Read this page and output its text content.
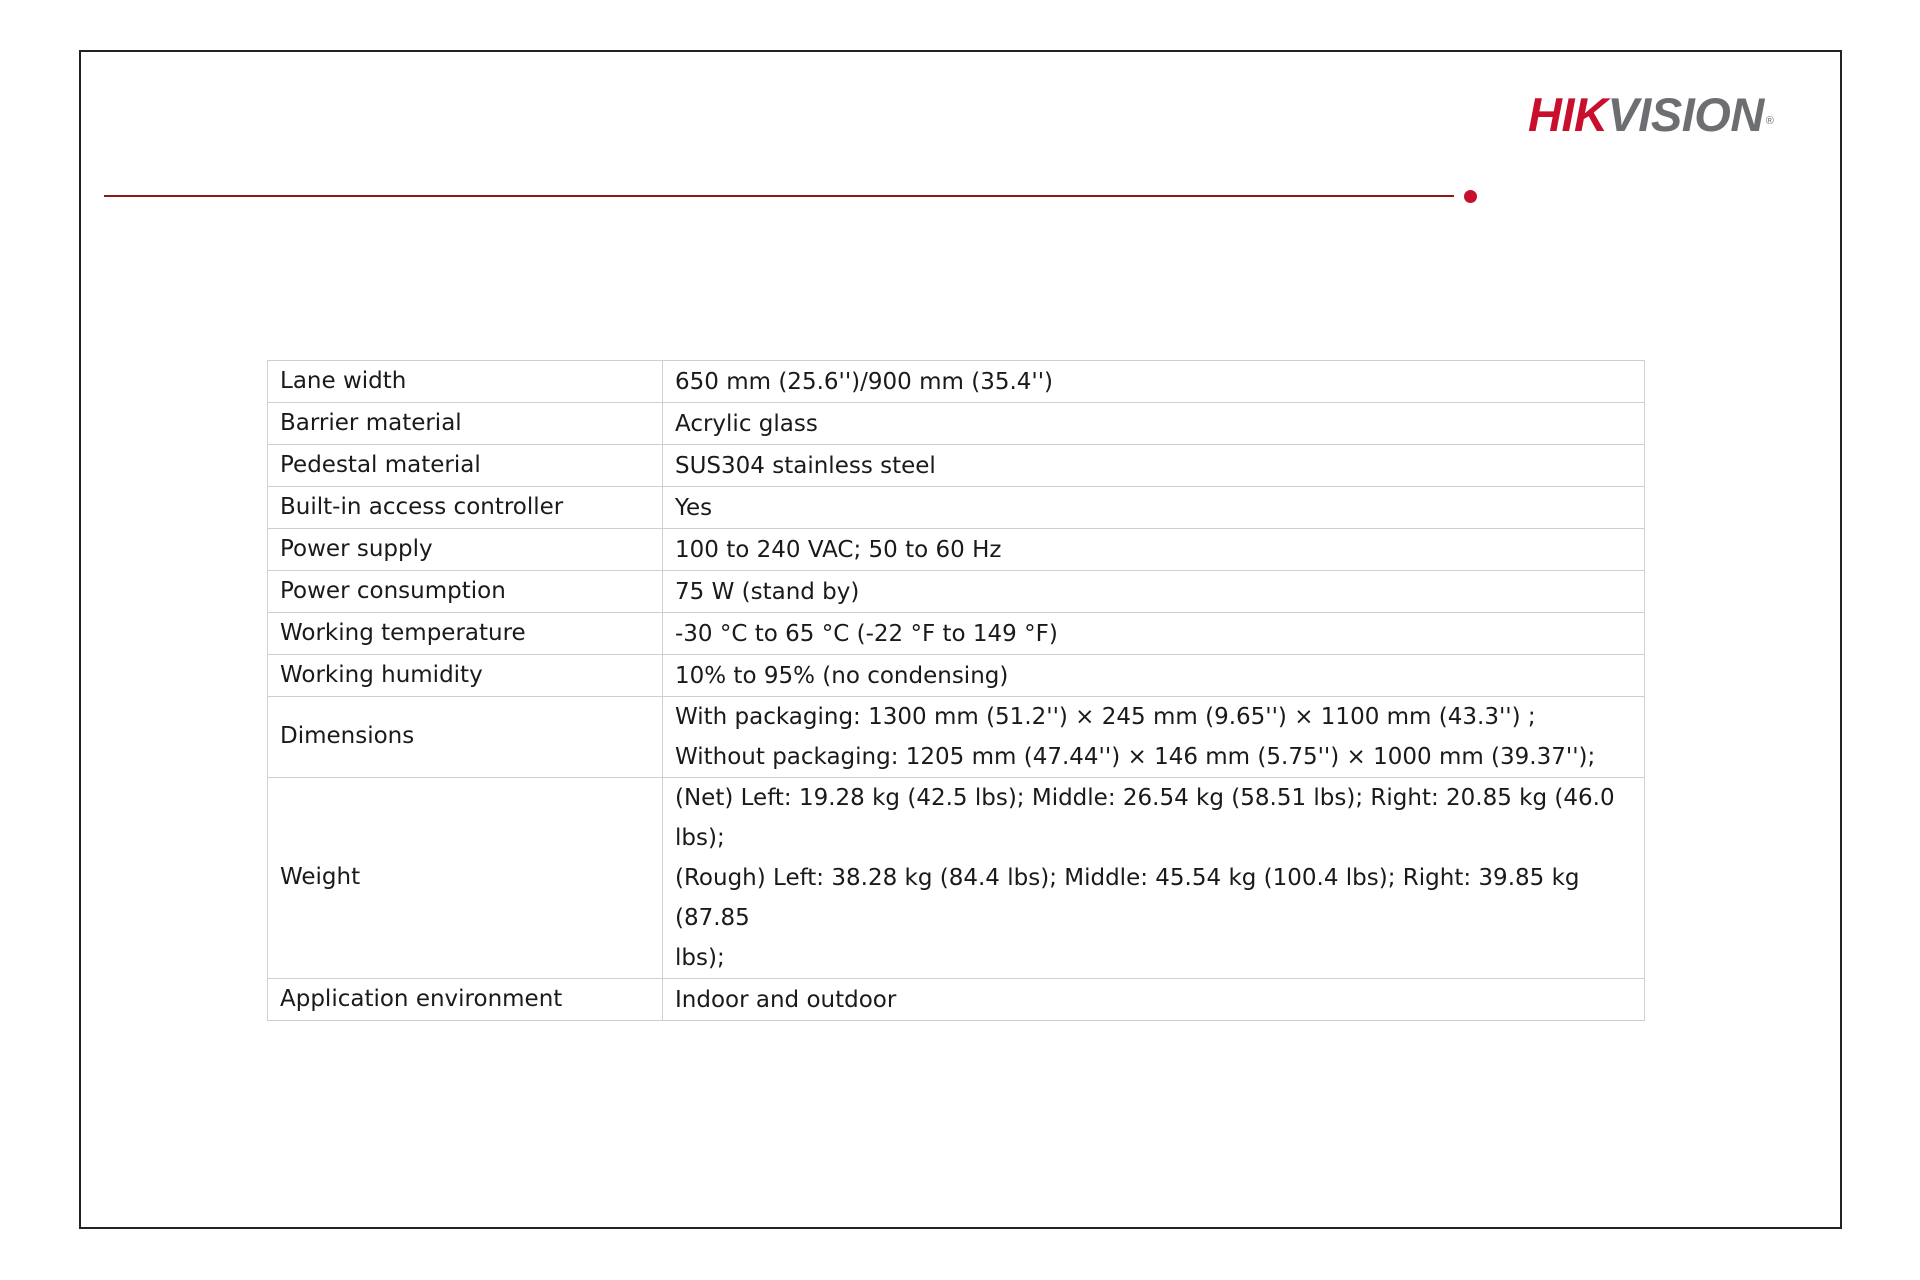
HIKVISION ®
Lane width	650 mm (25.6'')/900 mm (35.4'')

Barrier material	Acrylic glass

Pedestal material	SUS304 stainless steel

Built-in access controller	Yes

Power supply	100 to 240 VAC; 50 to 60 Hz

Power consumption	75 W (stand by)

Working temperature	-30 °C to 65 °C (-22 °F to 149 °F)

Working humidity	10% to 95% (no condensing)

Dimensions	With packaging: 1300 mm (51.2'') × 245 mm (9.65'') × 1100 mm (43.3'') ;
Without packaging: 1205 mm (47.44'') × 146 mm (5.75'') × 1000 mm (39.37'');

Weight	(Net) Left: 19.28 kg (42.5 lbs); Middle: 26.54 kg (58.51 lbs); Right: 20.85 kg (46.0 lbs);
(Rough) Left: 38.28 kg (84.4 lbs); Middle: 45.54 kg (100.4 lbs); Right: 39.85 kg (87.85
lbs);

Application environment	Indoor and outdoor
